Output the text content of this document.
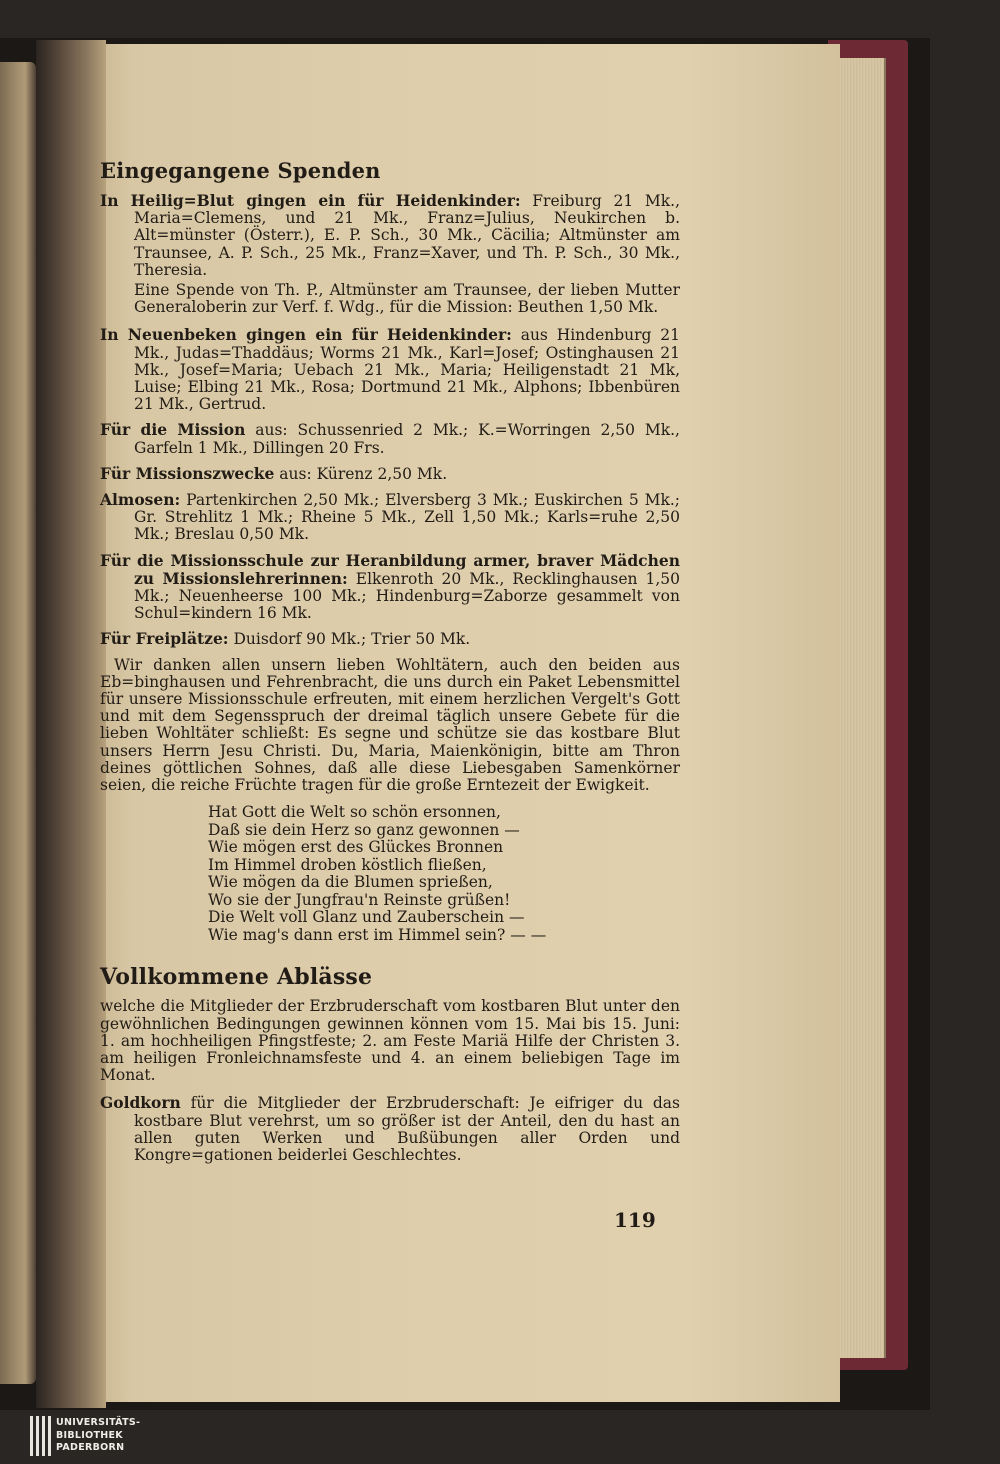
Eingegangene Spenden
In Heilig=Blut gingen ein für Heidenkinder: Freiburg 21 Mk., Maria=Clemens, und 21 Mk., Franz=Julius, Neukirchen b. Alt=münster (Österr.), E. P. Sch., 30 Mk., Cäcilia; Altmünster am Traunsee, A. P. Sch., 25 Mk., Franz=Xaver, und Th. P. Sch., 30 Mk., Theresia.
Eine Spende von Th. P., Altmünster am Traunsee, der lieben Mutter Generaloberin zur Verf. f. Wdg., für die Mission: Beuthen 1,50 Mk.
In Neuenbeken gingen ein für Heidenkinder: aus Hindenburg 21 Mk., Judas=Thaddäus; Worms 21 Mk., Karl=Josef; Ostinghausen 21 Mk., Josef=Maria; Uebach 21 Mk., Maria; Heiligenstadt 21 Mk, Luise; Elbing 21 Mk., Rosa; Dortmund 21 Mk., Alphons; Ibbenbüren 21 Mk., Gertrud.
Für die Mission aus: Schussenried 2 Mk.; K.=Worringen 2,50 Mk., Garfeln 1 Mk., Dillingen 20 Frs.
Für Missionszwecke aus: Kürenz 2,50 Mk.
Almosen: Partenkirchen 2,50 Mk.; Elversberg 3 Mk.; Euskirchen 5 Mk.; Gr. Strehlitz 1 Mk.; Rheine 5 Mk., Zell 1,50 Mk.; Karls=ruhe 2,50 Mk.; Breslau 0,50 Mk.
Für die Missionsschule zur Heranbildung armer, braver Mädchen zu Missionslehrerinnen: Elkenroth 20 Mk., Recklinghausen 1,50 Mk.; Neuenheerse 100 Mk.; Hindenburg=Zaborze gesammelt von Schul=kindern 16 Mk.
Für Freiplätze: Duisdorf 90 Mk.; Trier 50 Mk.
Wir danken allen unsern lieben Wohltätern, auch den beiden aus Eb=binghausen und Fehrenbracht, die uns durch ein Paket Lebensmittel für unsere Missionsschule erfreuten, mit einem herzlichen Vergelt's Gott und mit dem Segensspruch der dreimal täglich unsere Gebete für die lieben Wohltäter schließt: Es segne und schütze sie das kostbare Blut unsers Herrn Jesu Christi. Du, Maria, Maienkönigin, bitte am Thron deines göttlichen Sohnes, daß alle diese Liebesgaben Samenkörner seien, die reiche Früchte tragen für die große Erntezeit der Ewigkeit.
Hat Gott die Welt so schön ersonnen,
Daß sie dein Herz so ganz gewonnen —
Wie mögen erst des Glückes Bronnen
Im Himmel droben köstlich fließen,
Wie mögen da die Blumen sprießen,
Wo sie der Jungfrau'n Reinste grüßen!
Die Welt voll Glanz und Zauberschein —
Wie mag's dann erst im Himmel sein? — —
Vollkommene Ablässe
welche die Mitglieder der Erzbruderschaft vom kostbaren Blut unter den gewöhnlichen Bedingungen gewinnen können vom 15. Mai bis 15. Juni: 1. am hochheiligen Pfingstfeste; 2. am Feste Mariä Hilfe der Christen 3. am heiligen Fronleichnamsfeste und 4. an einem beliebigen Tage im Monat.
Goldkorn für die Mitglieder der Erzbruderschaft: Je eifriger du das kostbare Blut verehrst, um so größer ist der Anteil, den du hast an allen guten Werken und Bußübungen aller Orden und Kongre=gationen beiderlei Geschlechtes.
119
UNIVERSITÄTS-
BIBLIOTHEK
PADERBORN
